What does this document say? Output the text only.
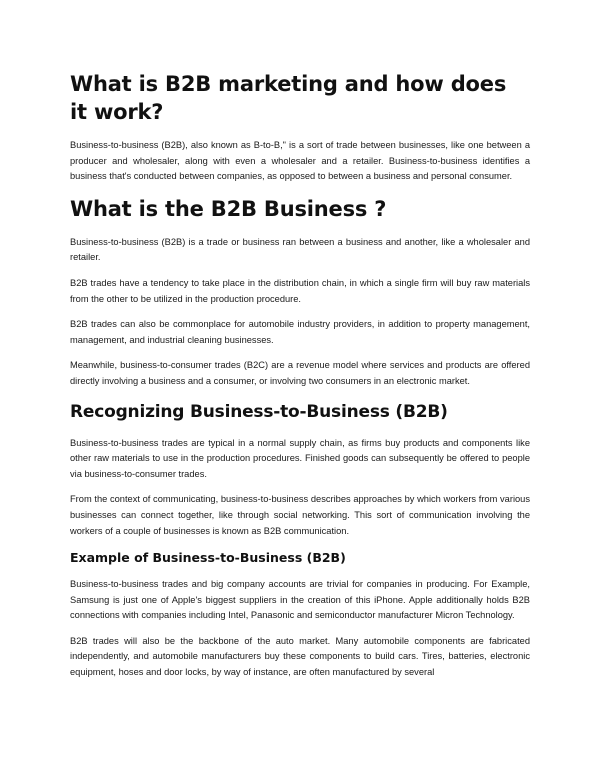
What is B2B marketing and how does it work?

Business-to-business (B2B), also known as B-to-B," is a sort of trade between businesses, like one between a producer and wholesaler, along with even a wholesaler and a retailer. Business-to-business identifies a business that's conducted between companies, as opposed to between a business and personal consumer.

What is the B2B Business ?

Business-to-business (B2B) is a trade or business ran between a business and another, like a wholesaler and retailer.

B2B trades have a tendency to take place in the distribution chain, in which a single firm will buy raw materials from the other to be utilized in the production procedure.

B2B trades can also be commonplace for automobile industry providers, in addition to property management, management, and industrial cleaning businesses.

Meanwhile, business-to-consumer trades (B2C) are a revenue model where services and products are offered directly involving a business and a consumer, or involving two consumers in an electronic market.

Recognizing Business-to-Business (B2B)

Business-to-business trades are typical in a normal supply chain, as firms buy products and components like other raw materials to use in the production procedures. Finished goods can subsequently be offered to people via business-to-consumer trades.

From the context of communicating, business-to-business describes approaches by which workers from various businesses can connect together, like through social networking. This sort of communication involving the workers of a couple of businesses is known as B2B communication.

Example of Business-to-Business (B2B)

Business-to-business trades and big company accounts are trivial for companies in producing. For Example, Samsung is just one of Apple's biggest suppliers in the creation of this iPhone. Apple additionally holds B2B connections with companies including Intel, Panasonic and semiconductor manufacturer Micron Technology.

B2B trades will also be the backbone of the auto market. Many automobile components are fabricated independently, and automobile manufacturers buy these components to build cars. Tires, batteries, electronic equipment, hoses and door locks, by way of instance, are often manufactured by several
